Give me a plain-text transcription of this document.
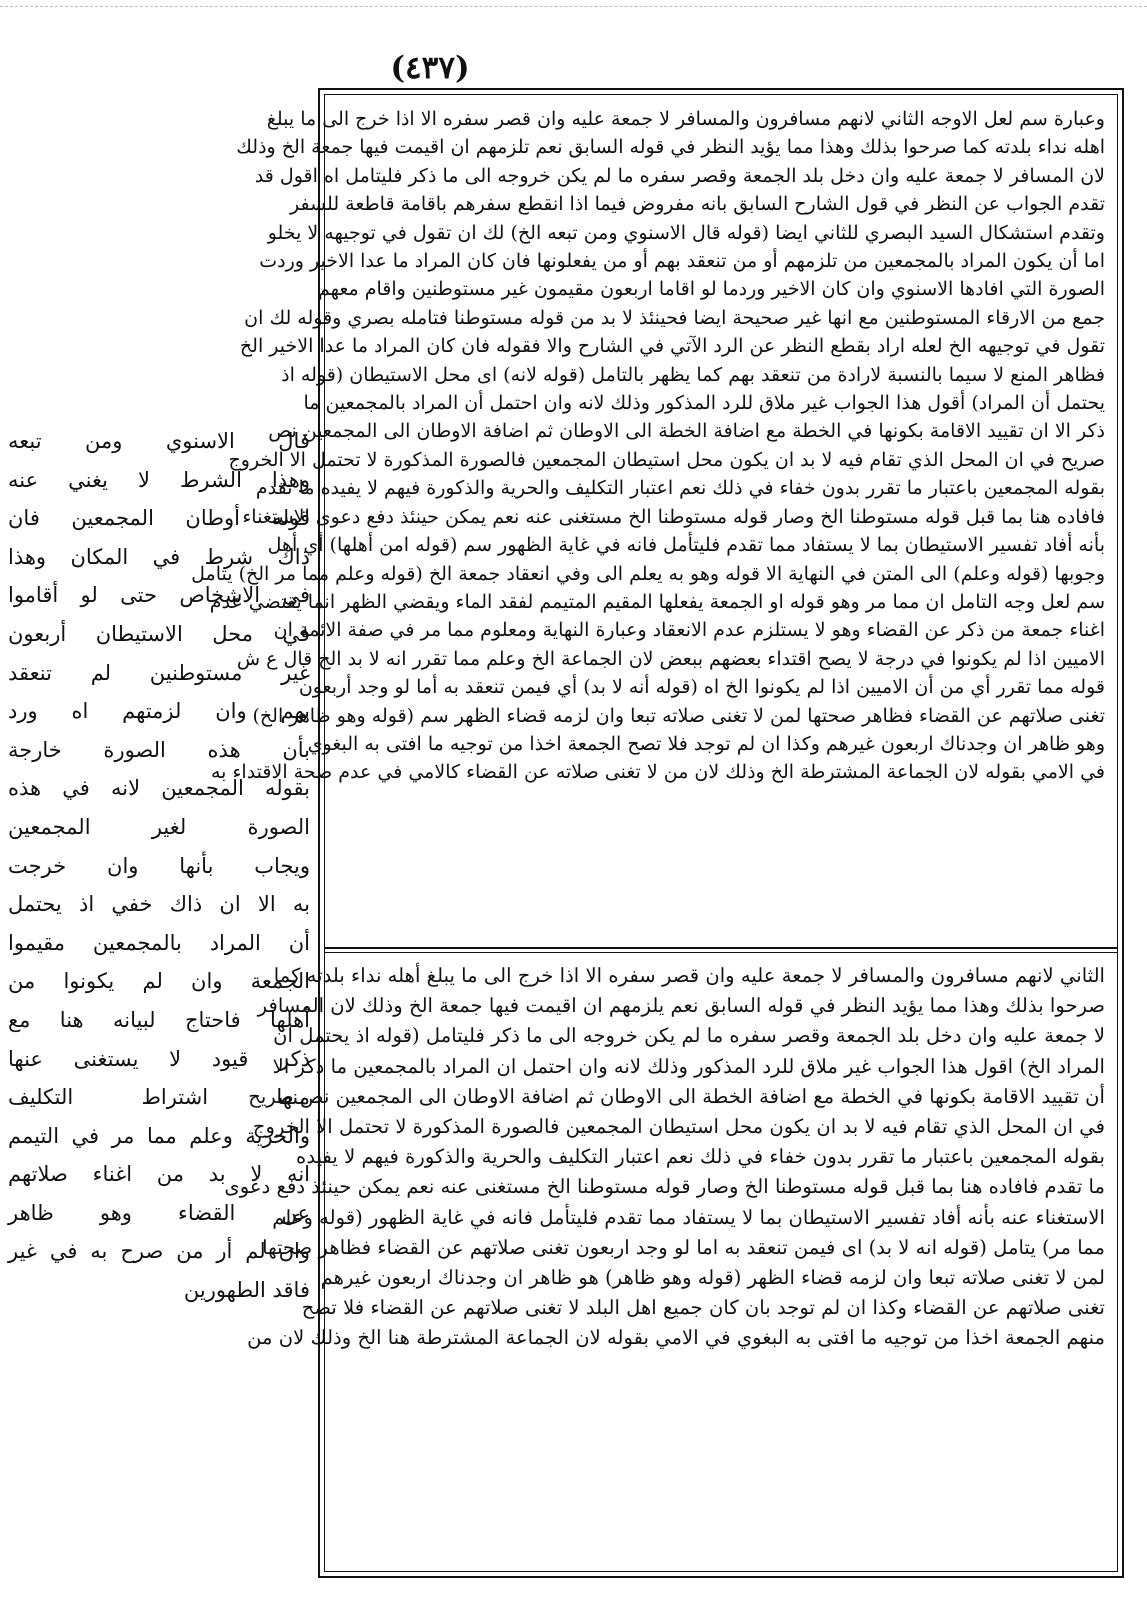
(٤٣٧)
قال الاسنوي ومن تبعه
وهذا الشرط لا يغني عنه
قوله أوطان المجمعين فان
ذاك شرط في المكان وهذا
في الاشخاص حتى لو أقاموا
في محل الاستيطان أربعون
غير مستوطنين لم تنعقد
بهم وان لزمتهم اه ورد
بأن هذه الصورة خارجة
بقوله المجمعين لانه في هذه
الصورة لغير المجمعين
ويجاب بأنها وان خرجت
به الا ان ذاك خفي اذ يحتمل
أن المراد بالمجمعين مقيموا
الجمعة وان لم يكونوا من
أهلها فاحتاج لبيانه هنا مع
ذكر قيود لا يستغنى عنها
منها اشتراط التكليف
والحرية وعلم مما مر في التيمم
انه لا بد من اغناء صلاتهم
عن القضاء وهو ظاهر
وان لم أر من صرح به في غير
فاقد الطهورين
وعبارة سم لعل الاوجه الثاني لانهم مسافرون والمسافر لا جمعة عليه وان قصر سفره الا اذا خرج الى ما يبلغ
اهله نداء بلدته كما صرحوا بذلك وهذا مما يؤيد النظر في قوله السابق نعم تلزمهم ان اقيمت فيها جمعة الخ وذلك
لان المسافر لا جمعة عليه وان دخل بلد الجمعة وقصر سفره ما لم يكن خروجه الى ما ذكر فليتامل اه اقول قد
تقدم الجواب عن النظر في قول الشارح السابق بانه مفروض فيما اذا انقطع سفرهم باقامة قاطعة للسفر
وتقدم استشكال السيد البصري للثاني ايضا (قوله قال الاسنوي ومن تبعه الخ) لك ان تقول في توجيهه لا يخلو
اما أن يكون المراد بالمجمعين من تلزمهم أو من تنعقد بهم أو من يفعلونها فان كان المراد ما عدا الاخير وردت
الصورة التي افادها الاسنوي وان كان الاخير وردما لو اقاما اربعون مقيمون غير مستوطنين واقام معهم
جمع من الارقاء المستوطنين مع انها غير صحيحة ايضا فحينئذ لا بد من قوله مستوطنا فتامله بصري وقوله لك ان
تقول في توجيهه الخ لعله اراد بقطع النظر عن الرد الآتي في الشارح والا فقوله فان كان المراد ما عدا الاخير الخ
فظاهر المنع لا سيما بالنسبة لارادة من تنعقد بهم كما يظهر بالتامل (قوله لانه) اى محل الاستيطان (قوله اذ
يحتمل أن المراد) أقول هذا الجواب غير ملاق للرد المذكور وذلك لانه وان احتمل أن المراد بالمجمعين ما
ذكر الا ان تقييد الاقامة بكونها في الخطة مع اضافة الخطة الى الاوطان ثم اضافة الاوطان الى المجمعين نص
صريح في ان المحل الذي تقام فيه لا بد ان يكون محل استيطان المجمعين فالصورة المذكورة لا تحتمل الا الخروج
بقوله المجمعين باعتبار ما تقرر بدون خفاء في ذلك نعم اعتبار التكليف والحرية والذكورة فيهم لا يفيده ما تقدم
فافاده هنا بما قبل قوله مستوطنا الخ وصار قوله مستوطنا الخ مستغنى عنه نعم يمكن حينئذ دفع دعوى الاستغناء
بأنه أفاد تفسير الاستيطان بما لا يستفاد مما تقدم فليتأمل فانه في غاية الظهور سم (قوله امن أهلها) أي أهل
وجوبها (قوله وعلم) الى المتن في النهاية الا قوله وهو به يعلم الى وفي انعقاد جمعة الخ (قوله وعلم مما مر الخ) يتامل
سم لعل وجه التامل ان مما مر وهو قوله او الجمعة يفعلها المقيم المتيمم لفقد الماء ويقضي الظهر انما يقتضي عدم
اغناء جمعة من ذكر عن القضاء وهو لا يستلزم عدم الانعقاد وعبارة النهاية ومعلوم مما مر في صفة الائمة ان
الاميين اذا لم يكونوا في درجة لا يصح اقتداء بعضهم ببعض لان الجماعة الخ وعلم مما تقرر انه لا بد الخ قال ع ش
قوله مما تقرر أي من أن الاميين اذا لم يكونوا الخ اه (قوله أنه لا بد) أي فيمن تنعقد به أما لو وجد أربعون
تغنى صلاتهم عن القضاء فظاهر صحتها لمن لا تغنى صلاته تبعا وان لزمه قضاء الظهر سم (قوله وهو ظاهر الخ)
وهو ظاهر ان وجدناك اربعون غيرهم وكذا ان لم توجد فلا تصح الجمعة اخذا من توجيه ما افتى به البغوي
في الامي بقوله لان الجماعة المشترطة الخ وذلك لان من لا تغنى صلاته عن القضاء كالامي في عدم صحة الاقتداء به
الثاني لانهم مسافرون والمسافر لا جمعة عليه وان قصر سفره الا اذا خرج الى ما يبلغ أهله نداء بلدته كما
صرحوا بذلك وهذا مما يؤيد النظر في قوله السابق نعم يلزمهم ان اقيمت فيها جمعة الخ وذلك لان المسافر
لا جمعة عليه وان دخل بلد الجمعة وقصر سفره ما لم يكن خروجه الى ما ذكر فليتامل (قوله اذ يحتمل ان
المراد الخ) اقول هذا الجواب غير ملاق للرد المذكور وذلك لانه وان احتمل ان المراد بالمجمعين ما ذكر الا
أن تقييد الاقامة بكونها في الخطة مع اضافة الخطة الى الاوطان ثم اضافة الاوطان الى المجمعين نص صريح
في ان المحل الذي تقام فيه لا بد ان يكون محل استيطان المجمعين فالصورة المذكورة لا تحتمل الا الخروج
بقوله المجمعين باعتبار ما تقرر بدون خفاء في ذلك نعم اعتبار التكليف والحرية والذكورة فيهم لا يفيده
ما تقدم فافاده هنا بما قبل قوله مستوطنا الخ وصار قوله مستوطنا الخ مستغنى عنه نعم يمكن حينئذ دفع دعوى
الاستغناء عنه بأنه أفاد تفسير الاستيطان بما لا يستفاد مما تقدم فليتأمل فانه في غاية الظهور (قوله وعلم
مما مر) يتامل (قوله انه لا بد) اى فيمن تنعقد به اما لو وجد اربعون تغنى صلاتهم عن القضاء فظاهر صحتها
لمن لا تغنى صلاته تبعا وان لزمه قضاء الظهر (قوله وهو ظاهر) هو ظاهر ان وجدناك اربعون غيرهم
تغنى صلاتهم عن القضاء وكذا ان لم توجد بان كان جميع اهل البلد لا تغنى صلاتهم عن القضاء فلا تصح
منهم الجمعة اخذا من توجيه ما افتى به البغوي في الامي بقوله لان الجماعة المشترطة هنا الخ وذلك لان من
